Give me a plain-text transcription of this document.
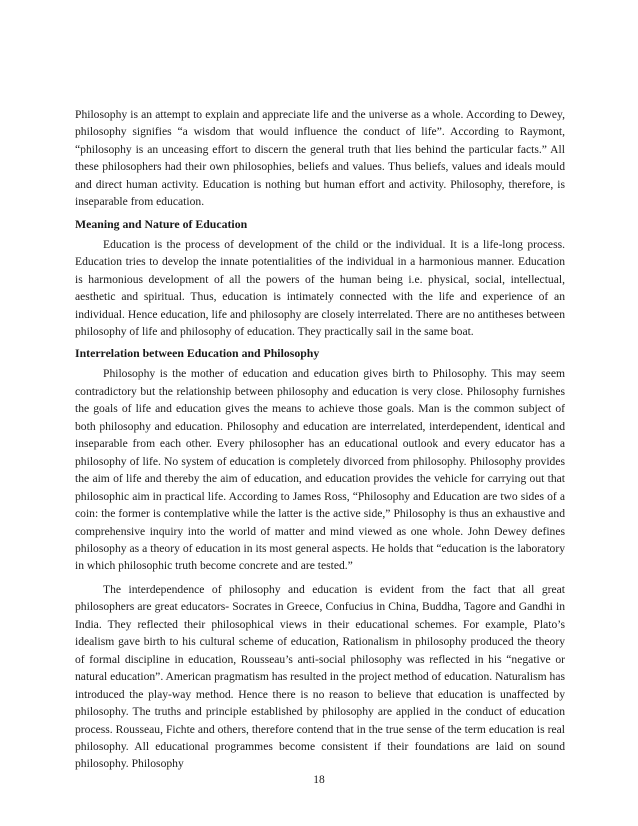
Philosophy is an attempt to explain and appreciate life and the universe as a whole. According to Dewey, philosophy signifies “a wisdom that would influence the conduct of life”. According to Raymont, “philosophy is an unceasing effort to discern the general truth that lies behind the particular facts.” All these philosophers had their own philosophies, beliefs and values. Thus beliefs, values and ideals mould and direct human activity. Education is nothing but human effort and activity. Philosophy, therefore, is inseparable from education.

Meaning and Nature of Education

Education is the process of development of the child or the individual. It is a life-long process. Education tries to develop the innate potentialities of the individual in a harmonious manner. Education is harmonious development of all the powers of the human being i.e. physical, social, intellectual, aesthetic and spiritual. Thus, education is intimately connected with the life and experience of an individual. Hence education, life and philosophy are closely interrelated. There are no antitheses between philosophy of life and philosophy of education. They practically sail in the same boat.

Interrelation between Education and Philosophy

Philosophy is the mother of education and education gives birth to Philosophy. This may seem contradictory but the relationship between philosophy and education is very close. Philosophy furnishes the goals of life and education gives the means to achieve those goals. Man is the common subject of both philosophy and education. Philosophy and education are interrelated, interdependent, identical and inseparable from each other. Every philosopher has an educational outlook and every educator has a philosophy of life. No system of education is completely divorced from philosophy. Philosophy provides the aim of life and thereby the aim of education, and education provides the vehicle for carrying out that philosophic aim in practical life. According to James Ross, “Philosophy and Education are two sides of a coin: the former is contemplative while the latter is the active side,” Philosophy is thus an exhaustive and comprehensive inquiry into the world of matter and mind viewed as one whole. John Dewey defines philosophy as a theory of education in its most general aspects. He holds that “education is the laboratory in which philosophic truth become concrete and are tested.”

The interdependence of philosophy and education is evident from the fact that all great philosophers are great educators- Socrates in Greece, Confucius in China, Buddha, Tagore and Gandhi in India. They reflected their philosophical views in their educational schemes. For example, Plato’s idealism gave birth to his cultural scheme of education, Rationalism in philosophy produced the theory of formal discipline in education, Rousseau’s anti-social philosophy was reflected in his “negative or natural education”. American pragmatism has resulted in the project method of education. Naturalism has introduced the play-way method. Hence there is no reason to believe that education is unaffected by philosophy. The truths and principle established by philosophy are applied in the conduct of education process. Rousseau, Fichte and others, therefore contend that in the true sense of the term education is real philosophy. All educational programmes become consistent if their foundations are laid on sound philosophy. Philosophy

18
